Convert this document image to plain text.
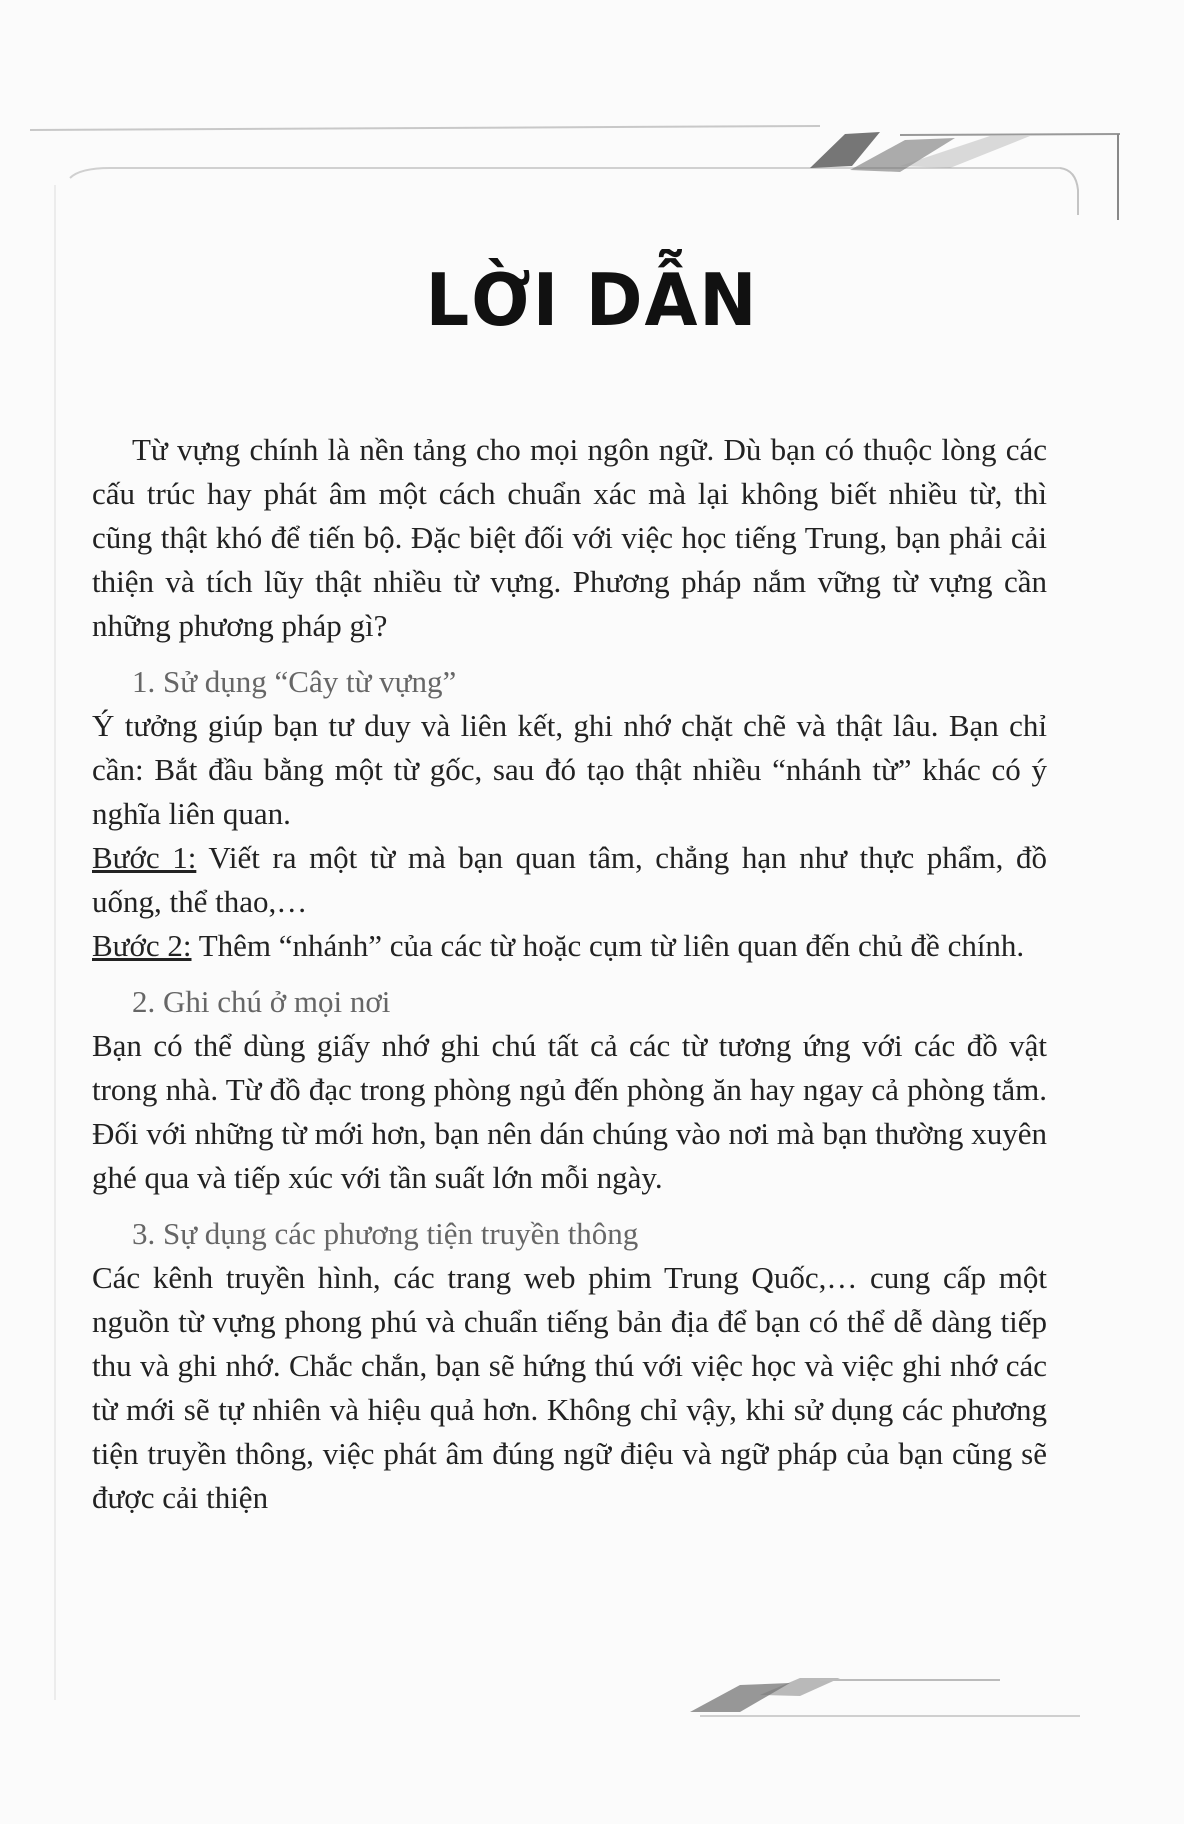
LỜI DẪN

Từ vựng chính là nền tảng cho mọi ngôn ngữ. Dù bạn có thuộc lòng các cấu trúc hay phát âm một cách chuẩn xác mà lại không biết nhiều từ, thì cũng thật khó để tiến bộ. Đặc biệt đối với việc học tiếng Trung, bạn phải cải thiện và tích lũy thật nhiều từ vựng. Phương pháp nắm vững từ vựng cần những phương pháp gì?

1. Sử dụng “Cây từ vựng”

Ý tưởng giúp bạn tư duy và liên kết, ghi nhớ chặt chẽ và thật lâu. Bạn chỉ cần: Bắt đầu bằng một từ gốc, sau đó tạo thật nhiều “nhánh từ” khác có ý nghĩa liên quan.

Bước 1: Viết ra một từ mà bạn quan tâm, chẳng hạn như thực phẩm, đồ uống, thể thao,…

Bước 2: Thêm “nhánh” của các từ hoặc cụm từ liên quan đến chủ đề chính.

2. Ghi chú ở mọi nơi

Bạn có thể dùng giấy nhớ ghi chú tất cả các từ tương ứng với các đồ vật trong nhà. Từ đồ đạc trong phòng ngủ đến phòng ăn hay ngay cả phòng tắm. Đối với những từ mới hơn, bạn nên dán chúng vào nơi mà bạn thường xuyên ghé qua và tiếp xúc với tần suất lớn mỗi ngày.

3. Sự dụng các phương tiện truyền thông

Các kênh truyền hình, các trang web phim Trung Quốc,… cung cấp một nguồn từ vựng phong phú và chuẩn tiếng bản địa để bạn có thể dễ dàng tiếp thu và ghi nhớ. Chắc chắn, bạn sẽ hứng thú với việc học và việc ghi nhớ các từ mới sẽ tự nhiên và hiệu quả hơn. Không chỉ vậy, khi sử dụng các phương tiện truyền thông, việc phát âm đúng ngữ điệu và ngữ pháp của bạn cũng sẽ được cải thiện
